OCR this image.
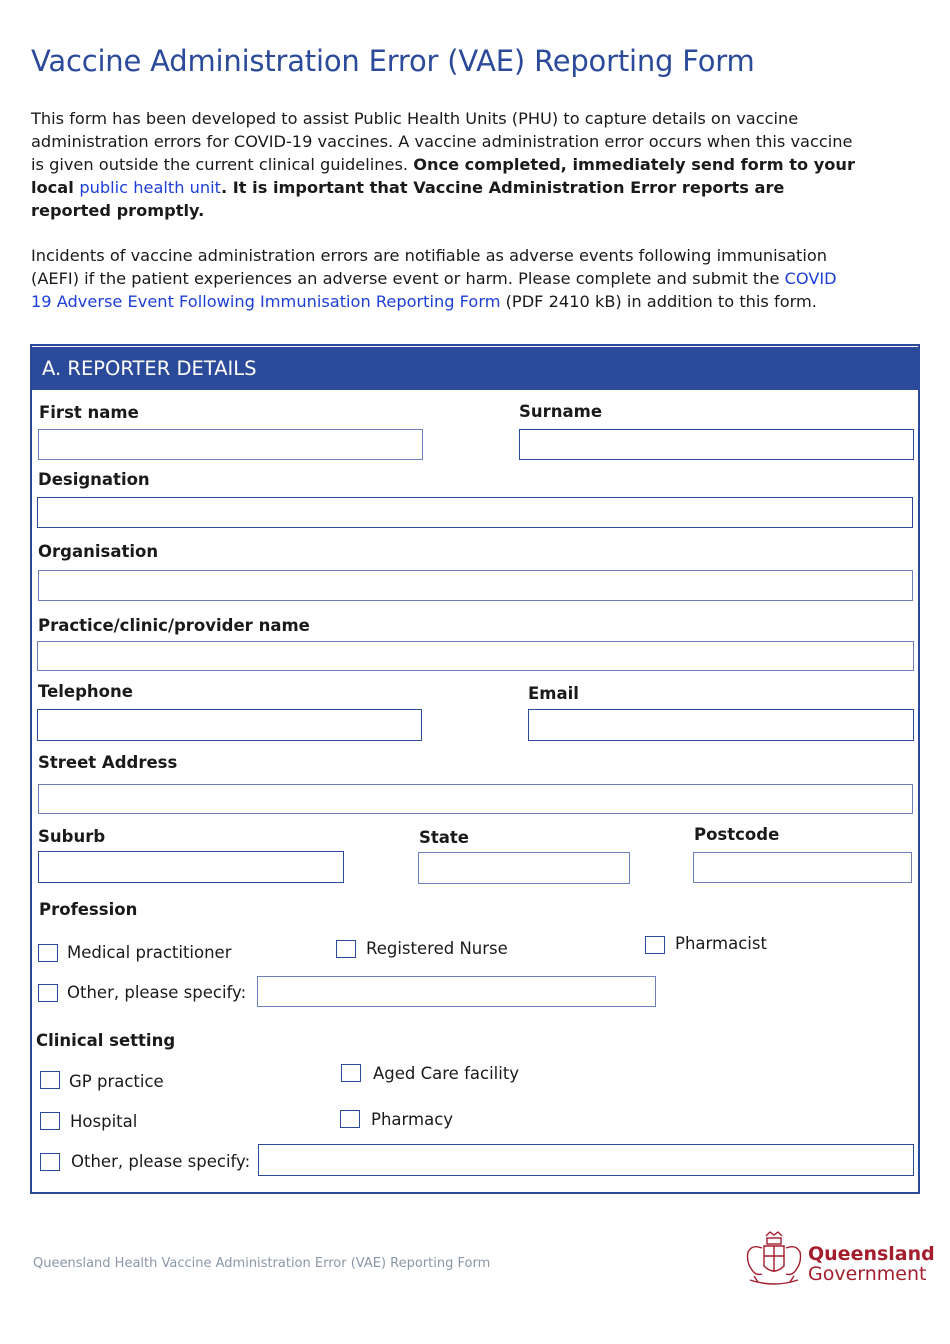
Vaccine Administration Error (VAE) Reporting Form

This form has been developed to assist Public Health Units (PHU) to capture details on vaccine administration errors for COVID-19 vaccines. A vaccine administration error occurs when this vaccine is given outside the current clinical guidelines. Once completed, immediately send form to your local public health unit. It is important that Vaccine Administration Error reports are reported promptly.

Incidents of vaccine administration errors are notifiable as adverse events following immunisation (AEFI) if the patient experiences an adverse event or harm. Please complete and submit the COVID 19 Adverse Event Following Immunisation Reporting Form (PDF 2410 kB) in addition to this form.

A. REPORTER DETAILS
First name	Surname
Designation
Organisation
Practice/clinic/provider name
Telephone	Email
Street Address
Suburb	State	Postcode
Profession
Medical practitioner	Registered Nurse	Pharmacist
Other, please specify:
Clinical setting
GP practice	Aged Care facility
Hospital	Pharmacy
Other, please specify:
Queensland Health Vaccine Administration Error (VAE) Reporting Form	Queensland
Government
